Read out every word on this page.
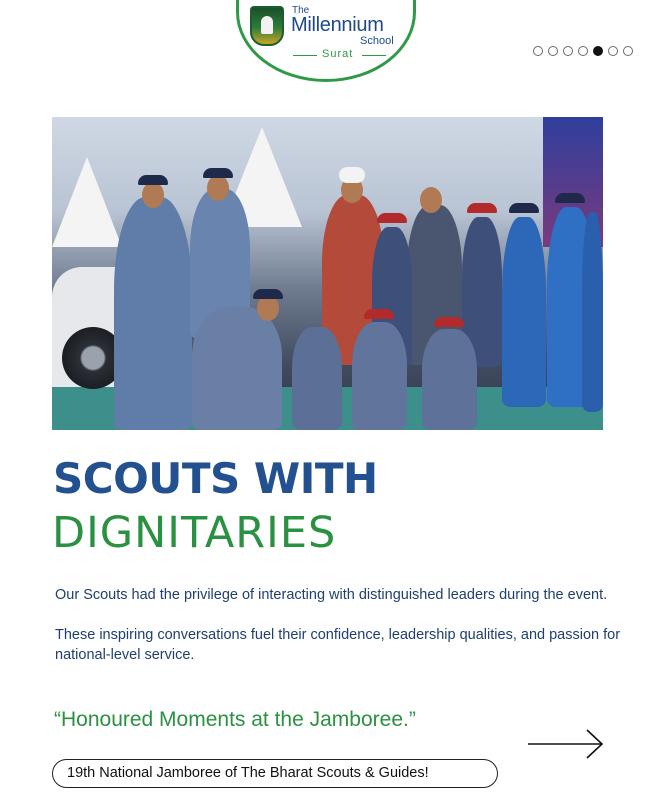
The
Millennium
School
Surat
SCOUTS WITH
DIGNITARIES

Our Scouts had the privilege of interacting with distinguished leaders during the event.

These inspiring conversations fuel their confidence, leadership qualities, and passion for national-level service.

“Honoured Moments at the Jamboree.”
19th National Jamboree of The Bharat Scouts & Guides!
